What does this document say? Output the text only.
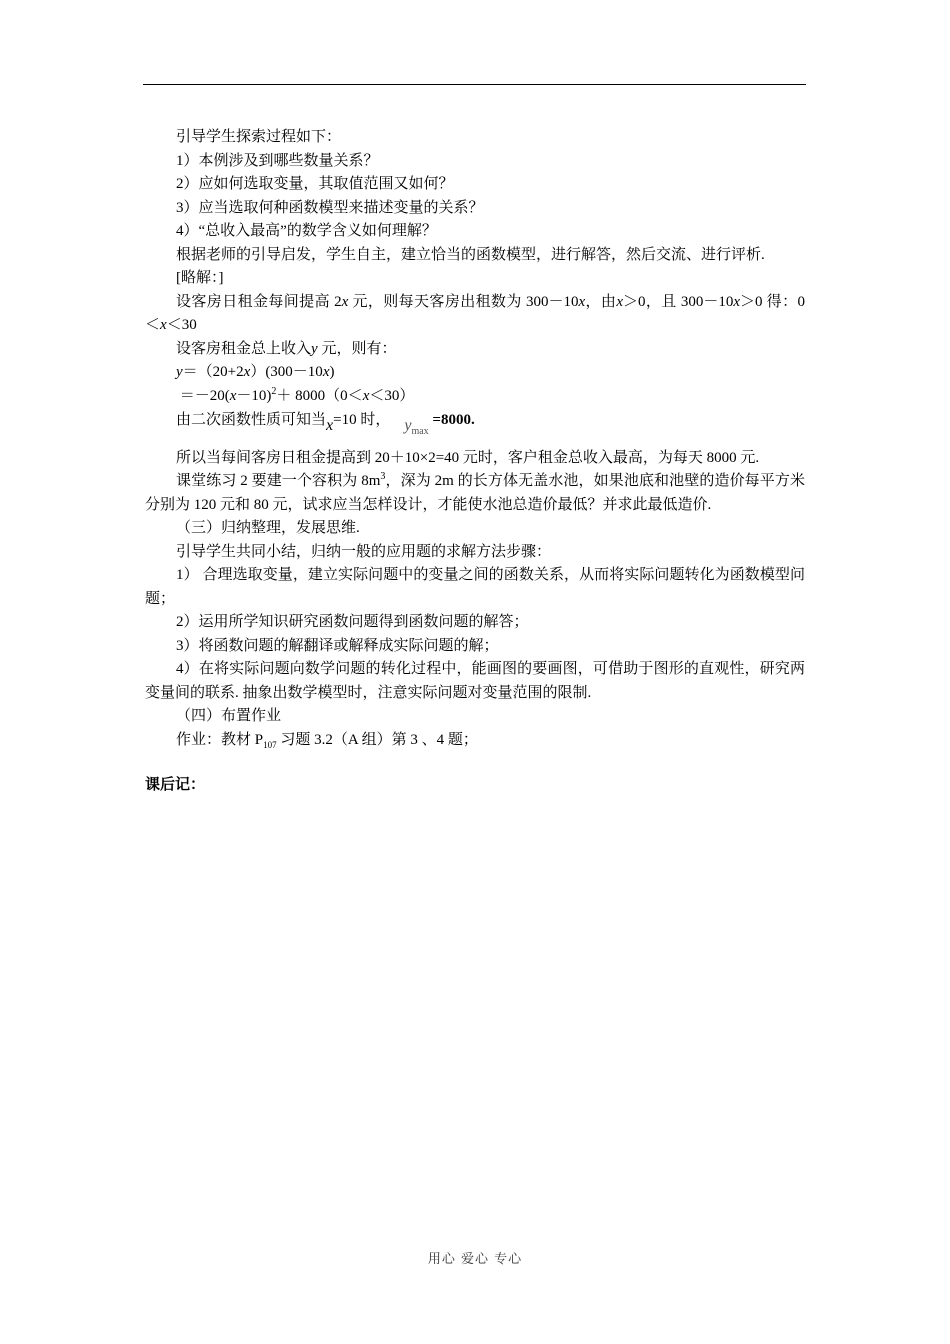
引导学生探索过程如下：

1）本例涉及到哪些数量关系？

2）应如何选取变量，其取值范围又如何？

3）应当选取何种函数模型来描述变量的关系？

4）“总收入最高”的数学含义如何理解？

根据老师的引导启发，学生自主，建立恰当的函数模型，进行解答，然后交流、进行评析.

[略解：]

设客房日租金每间提高 2x 元，则每天客房出租数为 300－10x，由x＞0，且 300－10x＞0 得：0＜x＜30

设客房租金总上收入y 元，则有：

y＝（20+2x）(300－10x)

$=-20(x-10)^2+ 8000(0<x<30)$

由二次函数性质可知当x=10 时， $y_{max} =8000$.

所以当每间客房日租金提高到 20＋10×2=40 元时，客户租金总收入最高，为每天 8000 元.

课堂练习 2 要建一个容积为 $8m^3$，深为 2m 的长方体无盖水池，如果池底和池壁的造价每平方米分别为 120 元和 80 元，试求应当怎样设计，才能使水池总造价最低？并求此最低造价.

（三）归纳整理，发展思维.

引导学生共同小结，归纳一般的应用题的求解方法步骤：

1） 合理选取变量，建立实际问题中的变量之间的函数关系，从而将实际问题转化为函数模型问题；

2）运用所学知识研究函数问题得到函数问题的解答；

3）将函数问题的解翻译或解释成实际问题的解；

4）在将实际问题向数学问题的转化过程中，能画图的要画图，可借助于图形的直观性，研究两变量间的联系. 抽象出数学模型时，注意实际问题对变量范围的限制.

（四）布置作业

作业：教材 $P_{107}$ 习题 3.2（A 组）第 3 、4 题；

课后记：

用心 爱心 专心
